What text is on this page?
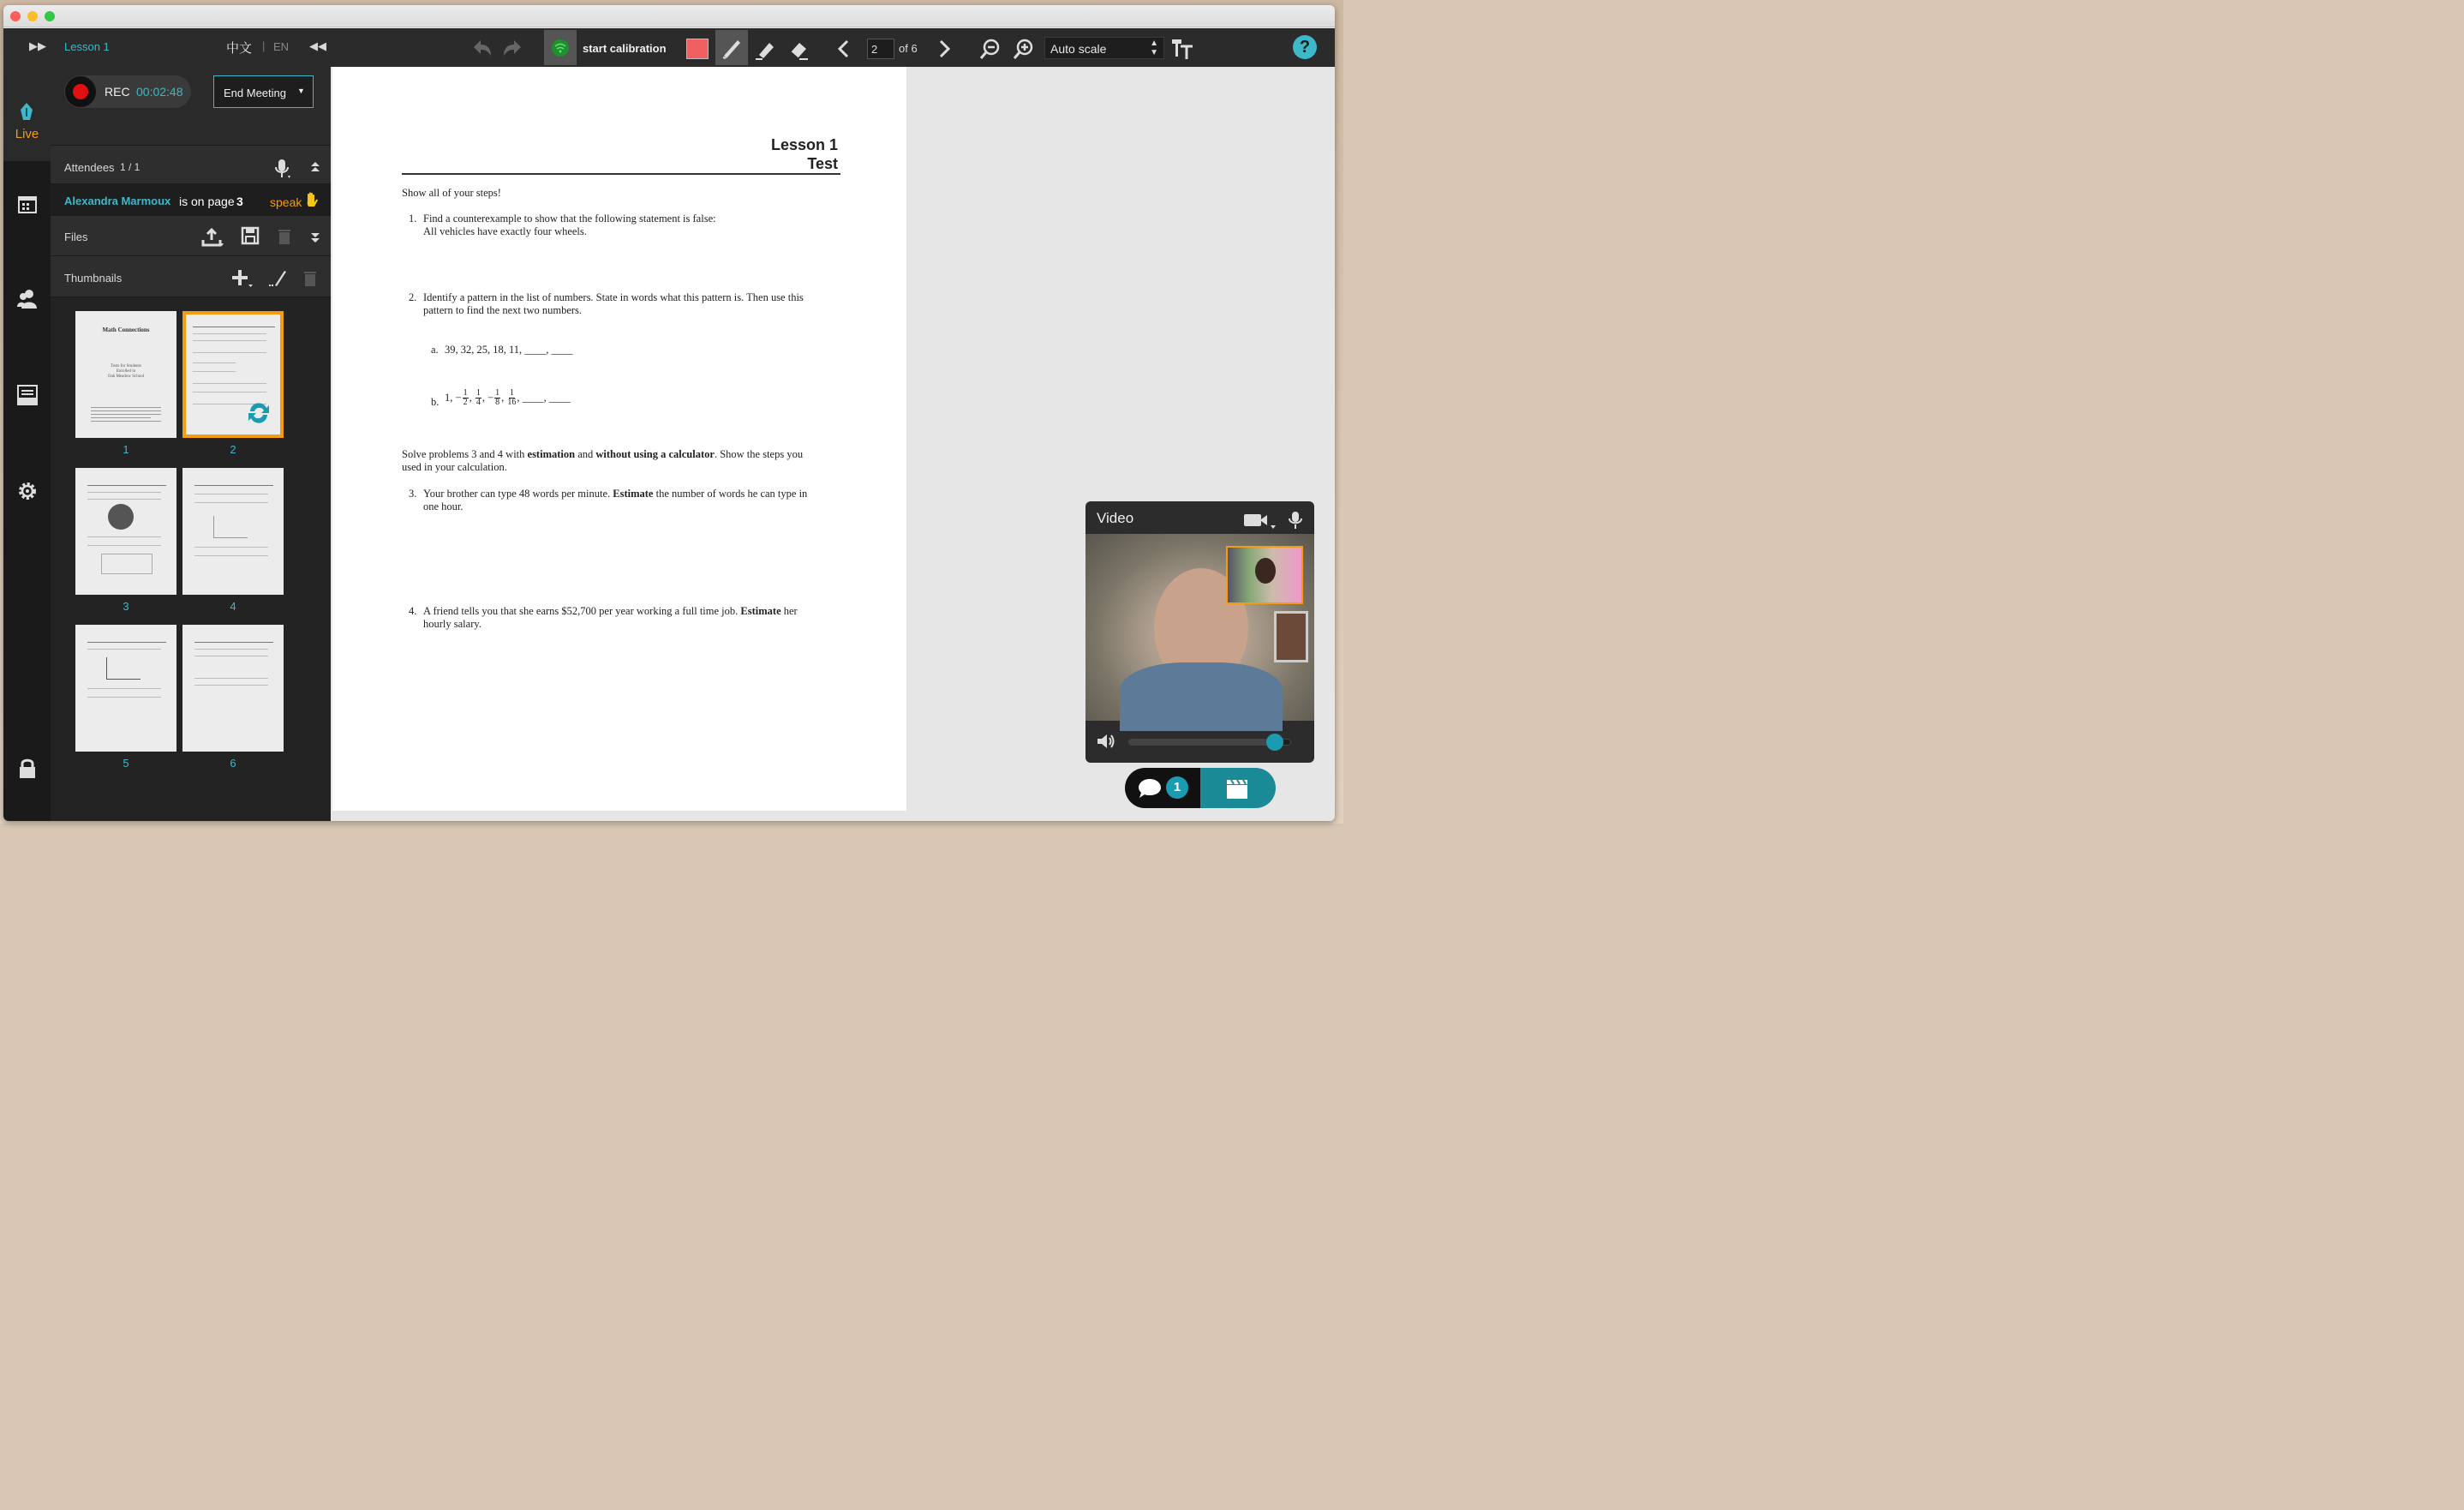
▶▶ Lesson 1	中文 | EN ◀◀	start calibration
2	of 6	Auto scale	▲
▼	?
Live
REC 00:02:48	End Meeting ▼
Attendees 1 / 1
Alexandra Marmoux is on page 3 speak
Files
Thumbnails
Math Connections
Tests for Students
Enrolled in
Oak Meadow School
1	2
3	4
5	6
Lesson 1
Test
Show all of your steps!
1. Find a counterexample to show that the following statement is false:
All vehicles have exactly four wheels.
2. Identify a pattern in the list of numbers. State in words what this pattern is. Then use this
pattern to find the next two numbers.
a. 39, 32, 25, 18, 11, ____, ____
b. 1, − $\frac{1}{2}$ , 1
4 , − $\frac{1}{8}$ , 1
16 , ____, ____
Solve problems 3 and 4 with estimation and without using a calculator. Show the steps you
used in your calculation.
3. Your brother can type 48 words per minute. Estimate the number of words he can type in
one hour.
4. A friend tells you that she earns $52,700 per year working a full time job. Estimate her
hourly salary.
Video
1
